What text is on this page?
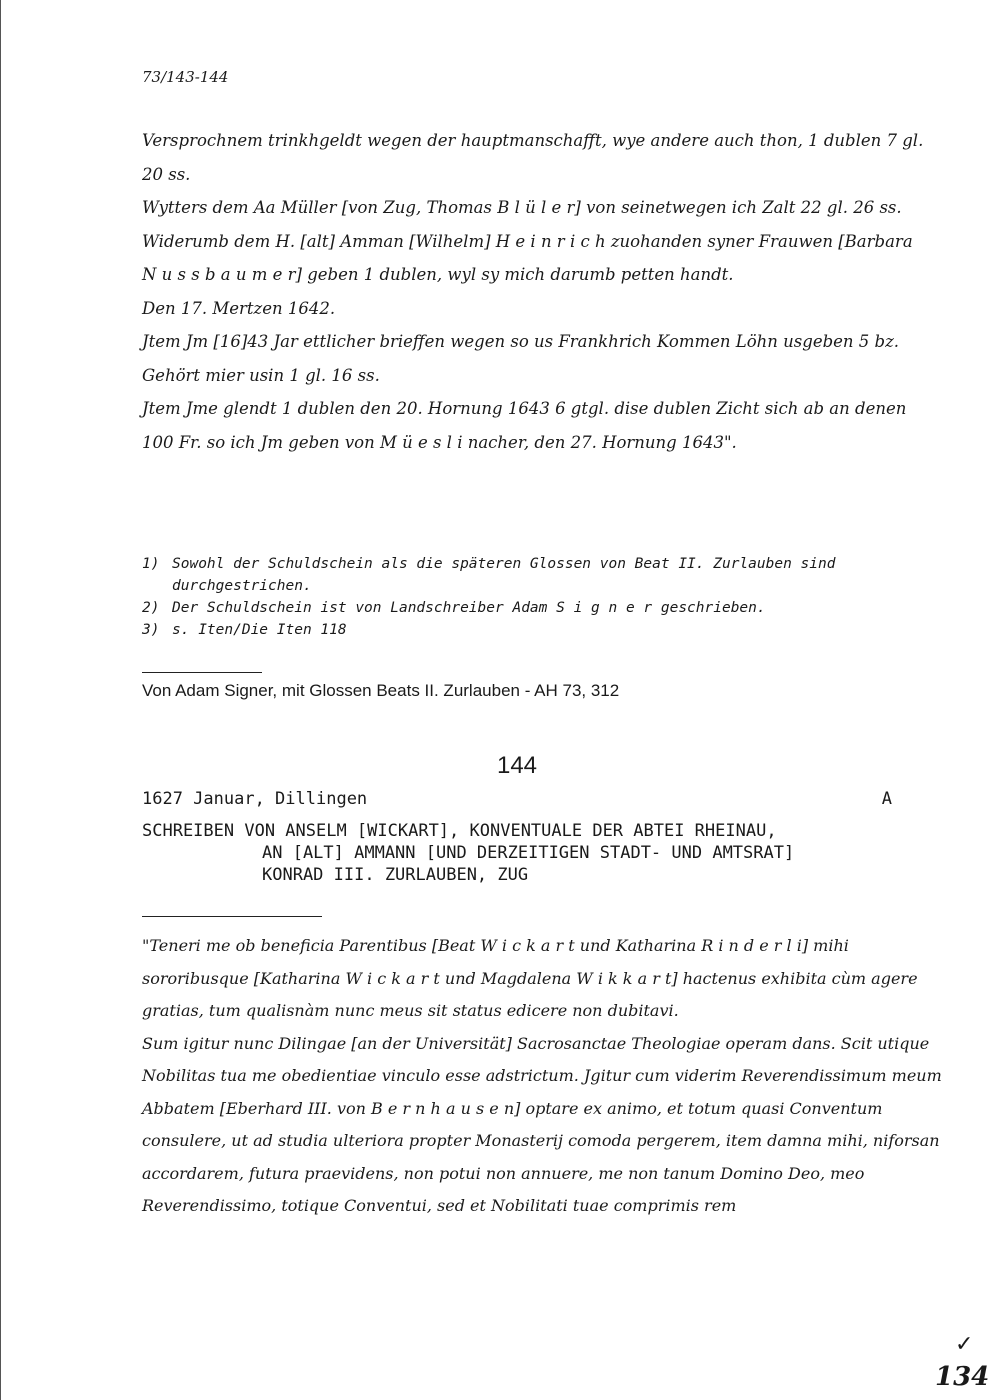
73/143-144

Versprochnem trinkhgeldt wegen der hauptmanschafft, wye andere auch thon, 1 dublen 7 gl. 20 ss.

Wytters dem Aa Müller [von Zug, Thomas B l ü l e r] von seinetwegen ich Zalt 22 gl. 26 ss.

Widerumb dem H. [alt] Amman [Wilhelm] H e i n r i c h zuohanden syner Frauwen [Barbara N u s s b a u m e r] geben 1 dublen, wyl sy mich darumb petten handt.

Den 17. Mertzen 1642.

Jtem Jm [16]43 Jar ettlicher brieffen wegen so us Frankhrich Kommen Löhn usgeben 5 bz. Gehört mier usin 1 gl. 16 ss.

Jtem Jme glendt 1 dublen den 20. Hornung 1643 6 gtgl. dise dublen Zicht sich ab an denen 100 Fr. so ich Jm geben von M ü e s l i nacher, den 27. Hornung 1643".

1) Sowohl der Schuldschein als die späteren Glossen von Beat II. Zurlauben sind durchgestrichen.
2) Der Schuldschein ist von Landschreiber Adam S i g n e r geschrieben.
3) s. Iten/Die Iten 118
Von Adam Signer, mit Glossen Beats II. Zurlauben - AH 73, 312
144
1627 Januar, Dillingen	A
SCHREIBEN VON ANSELM [WICKART], KONVENTUALE DER ABTEI RHEINAU,
AN [ALT] AMMANN [UND DERZEITIGEN STADT- UND AMTSRAT]
KONRAD III. ZURLAUBEN, ZUG

"Teneri me ob beneficia Parentibus [Beat W i c k a r t und Katharina R i n d e r l i] mihi sororibusque [Katharina W i c k a r t und Magdalena W i k k a r t] hactenus exhibita cùm agere gratias, tum qualisnàm nunc meus sit status edicere non dubitavi.

Sum igitur nunc Dilingae [an der Universität] Sacrosanctae Theologiae operam dans. Scit utique Nobilitas tua me obedientiae vinculo esse adstrictum. Jgitur cum viderim Reverendissimum meum Abbatem [Eberhard III. von B e r n h a u s e n] optare ex animo, et totum quasi Conventum consulere, ut ad studia ulteriora propter Monasterij comoda pergerem, item damna mihi, niforsan accordarem, futura praevidens, non potui non annuere, me non tanum Domino Deo, meo Reverendissimo, totique Conventui, sed et Nobilitati tuae comprimis rem

✓
134
